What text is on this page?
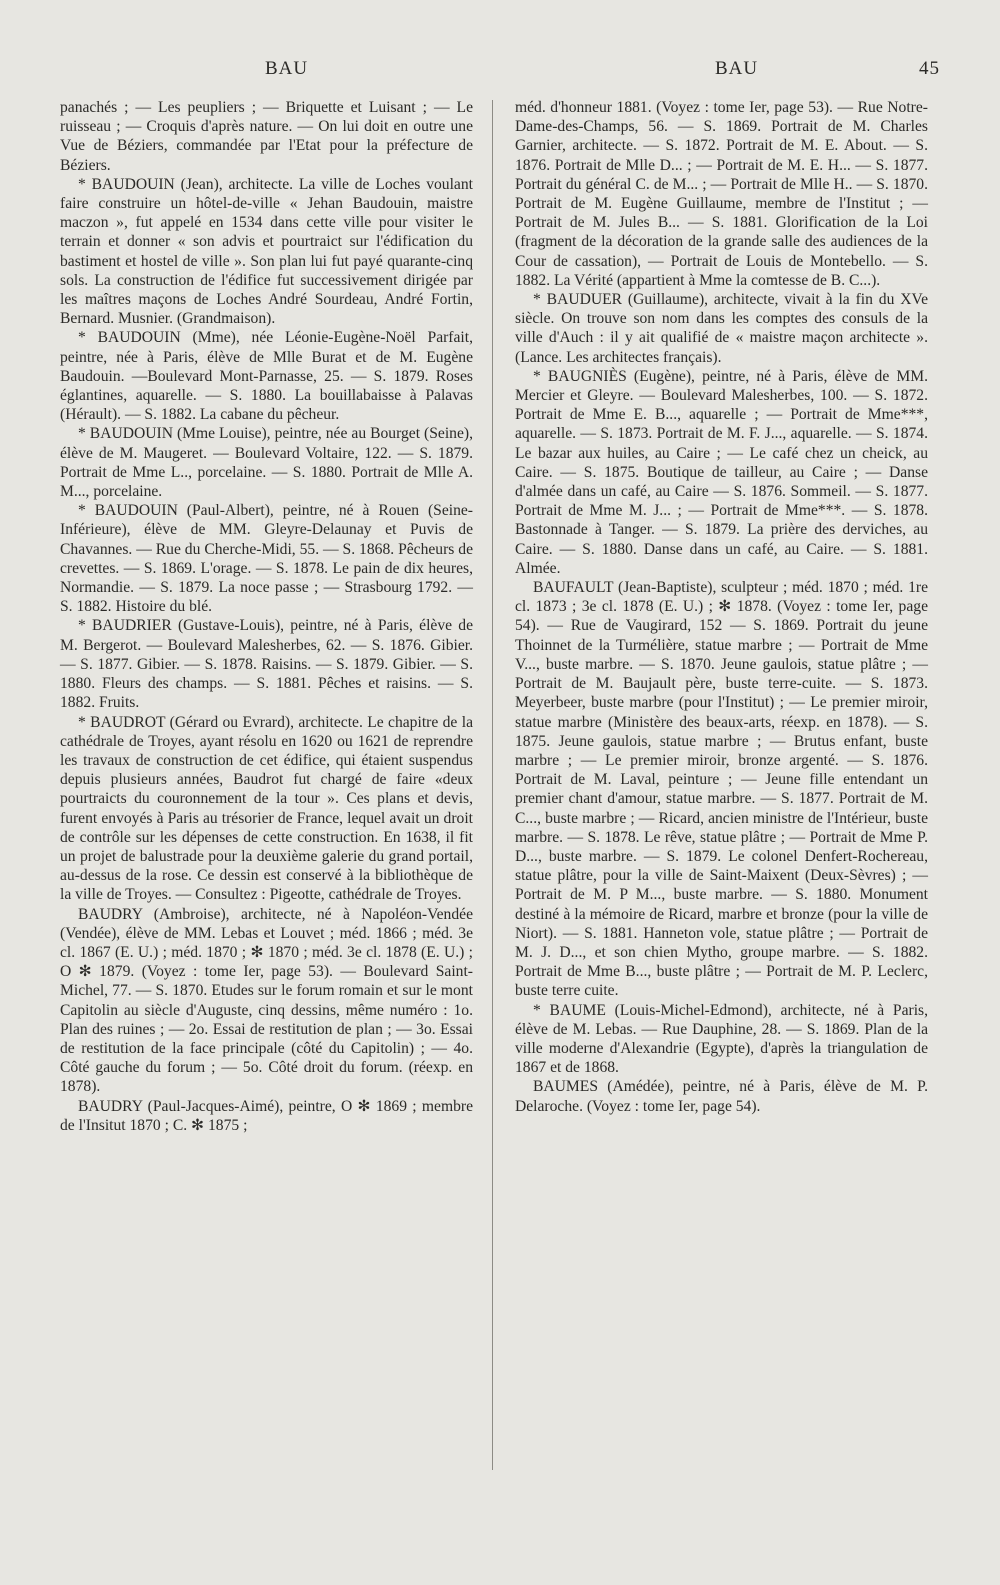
BAU	BAU	45

panachés ; — Les peupliers ; — Briquette et Luisant ; — Le ruisseau ; — Croquis d'après nature. — On lui doit en outre une Vue de Béziers, commandée par l'Etat pour la préfecture de Béziers.

* BAUDOUIN (Jean), architecte. La ville de Loches voulant faire construire un hôtel-de-ville « Jehan Baudouin, maistre maczon », fut appelé en 1534 dans cette ville pour visiter le terrain et donner « son advis et pourtraict sur l'édification du bastiment et hostel de ville ». Son plan lui fut payé quarante-cinq sols. La construction de l'édifice fut successivement dirigée par les maîtres maçons de Loches André Sourdeau, André Fortin, Bernard. Musnier. (Grandmaison).

* BAUDOUIN (Mme), née Léonie-Eugène-Noël Parfait, peintre, née à Paris, élève de Mlle Burat et de M. Eugène Baudouin. —Boulevard Mont-Parnasse, 25. — S. 1879. Roses églantines, aquarelle. — S. 1880. La bouillabaisse à Palavas (Hérault). — S. 1882. La cabane du pêcheur.

* BAUDOUIN (Mme Louise), peintre, née au Bourget (Seine), élève de M. Maugeret. — Boulevard Voltaire, 122. — S. 1879. Portrait de Mme L.., porcelaine. — S. 1880. Portrait de Mlle A. M..., porcelaine.

* BAUDOUIN (Paul-Albert), peintre, né à Rouen (Seine-Inférieure), élève de MM. Gleyre-Delaunay et Puvis de Chavannes. — Rue du Cherche-Midi, 55. — S. 1868. Pêcheurs de crevettes. — S. 1869. L'orage. — S. 1878. Le pain de dix heures, Normandie. — S. 1879. La noce passe ; — Strasbourg 1792. — S. 1882. Histoire du blé.

* BAUDRIER (Gustave-Louis), peintre, né à Paris, élève de M. Bergerot. — Boulevard Malesherbes, 62. — S. 1876. Gibier. — S. 1877. Gibier. — S. 1878. Raisins. — S. 1879. Gibier. — S. 1880. Fleurs des champs. — S. 1881. Pêches et raisins. — S. 1882. Fruits.

* BAUDROT (Gérard ou Evrard), architecte. Le chapitre de la cathédrale de Troyes, ayant résolu en 1620 ou 1621 de reprendre les travaux de construction de cet édifice, qui étaient suspendus depuis plusieurs années, Baudrot fut chargé de faire «deux pourtraicts du couronnement de la tour ». Ces plans et devis, furent envoyés à Paris au trésorier de France, lequel avait un droit de contrôle sur les dépenses de cette construction. En 1638, il fit un projet de balustrade pour la deuxième galerie du grand portail, au-dessus de la rose. Ce dessin est conservé à la bibliothèque de la ville de Troyes. — Consultez : Pigeotte, cathédrale de Troyes.

BAUDRY (Ambroise), architecte, né à Napoléon-Vendée (Vendée), élève de MM. Lebas et Louvet ; méd. 1866 ; méd. 3e cl. 1867 (E. U.) ; méd. 1870 ; ✻ 1870 ; méd. 3e cl. 1878 (E. U.) ; O ✻ 1879. (Voyez : tome Ier, page 53). — Boulevard Saint-Michel, 77. — S. 1870. Etudes sur le forum romain et sur le mont Capitolin au siècle d'Auguste, cinq dessins, même numéro : 1o. Plan des ruines ; — 2o. Essai de restitution de plan ; — 3o. Essai de restitution de la face principale (côté du Capitolin) ; — 4o. Côté gauche du forum ; — 5o. Côté droit du forum. (réexp. en 1878).

BAUDRY (Paul-Jacques-Aimé), peintre, O ✻ 1869 ; membre de l'Insitut 1870 ; C. ✻ 1875 ;

méd. d'honneur 1881. (Voyez : tome Ier, page 53). — Rue Notre-Dame-des-Champs, 56. — S. 1869. Portrait de M. Charles Garnier, architecte. — S. 1872. Portrait de M. E. About. — S. 1876. Portrait de Mlle D... ; — Portrait de M. E. H... — S. 1877. Portrait du général C. de M... ; — Portrait de Mlle H.. — S. 1870. Portrait de M. Eugène Guillaume, membre de l'Institut ; — Portrait de M. Jules B... — S. 1881. Glorification de la Loi (fragment de la décoration de la grande salle des audiences de la Cour de cassation), — Portrait de Louis de Montebello. — S. 1882. La Vérité (appartient à Mme la comtesse de B. C...).

* BAUDUER (Guillaume), architecte, vivait à la fin du XVe siècle. On trouve son nom dans les comptes des consuls de la ville d'Auch : il y ait qualifié de « maistre maçon architecte ». (Lance. Les architectes français).

* BAUGNIÈS (Eugène), peintre, né à Paris, élève de MM. Mercier et Gleyre. — Boulevard Malesherbes, 100. — S. 1872. Portrait de Mme E. B..., aquarelle ; — Portrait de Mme***, aquarelle. — S. 1873. Portrait de M. F. J..., aquarelle. — S. 1874. Le bazar aux huiles, au Caire ; — Le café chez un cheick, au Caire. — S. 1875. Boutique de tailleur, au Caire ; — Danse d'almée dans un café, au Caire — S. 1876. Sommeil. — S. 1877. Portrait de Mme M. J... ; — Portrait de Mme***. — S. 1878. Bastonnade à Tanger. — S. 1879. La prière des derviches, au Caire. — S. 1880. Danse dans un café, au Caire. — S. 1881. Almée.

BAUFAULT (Jean-Baptiste), sculpteur ; méd. 1870 ; méd. 1re cl. 1873 ; 3e cl. 1878 (E. U.) ; ✻ 1878. (Voyez : tome Ier, page 54). — Rue de Vaugirard, 152 — S. 1869. Portrait du jeune Thoinnet de la Turmélière, statue marbre ; — Portrait de Mme V..., buste marbre. — S. 1870. Jeune gaulois, statue plâtre ; — Portrait de M. Baujault père, buste terre-cuite. — S. 1873. Meyerbeer, buste marbre (pour l'Institut) ; — Le premier miroir, statue marbre (Ministère des beaux-arts, réexp. en 1878). — S. 1875. Jeune gaulois, statue marbre ; — Brutus enfant, buste marbre ; — Le premier miroir, bronze argenté. — S. 1876. Portrait de M. Laval, peinture ; — Jeune fille entendant un premier chant d'amour, statue marbre. — S. 1877. Portrait de M. C..., buste marbre ; — Ricard, ancien ministre de l'Intérieur, buste marbre. — S. 1878. Le rêve, statue plâtre ; — Portrait de Mme P. D..., buste marbre. — S. 1879. Le colonel Denfert-Rochereau, statue plâtre, pour la ville de Saint-Maixent (Deux-Sèvres) ; — Portrait de M. P M..., buste marbre. — S. 1880. Monument destiné à la mémoire de Ricard, marbre et bronze (pour la ville de Niort). — S. 1881. Hanneton vole, statue plâtre ; — Portrait de M. J. D..., et son chien Mytho, groupe marbre. — S. 1882. Portrait de Mme B..., buste plâtre ; — Portrait de M. P. Leclerc, buste terre cuite.

* BAUME (Louis-Michel-Edmond), architecte, né à Paris, élève de M. Lebas. — Rue Dauphine, 28. — S. 1869. Plan de la ville moderne d'Alexandrie (Egypte), d'après la triangulation de 1867 et de 1868.

BAUMES (Amédée), peintre, né à Paris, élève de M. P. Delaroche. (Voyez : tome Ier, page 54).
